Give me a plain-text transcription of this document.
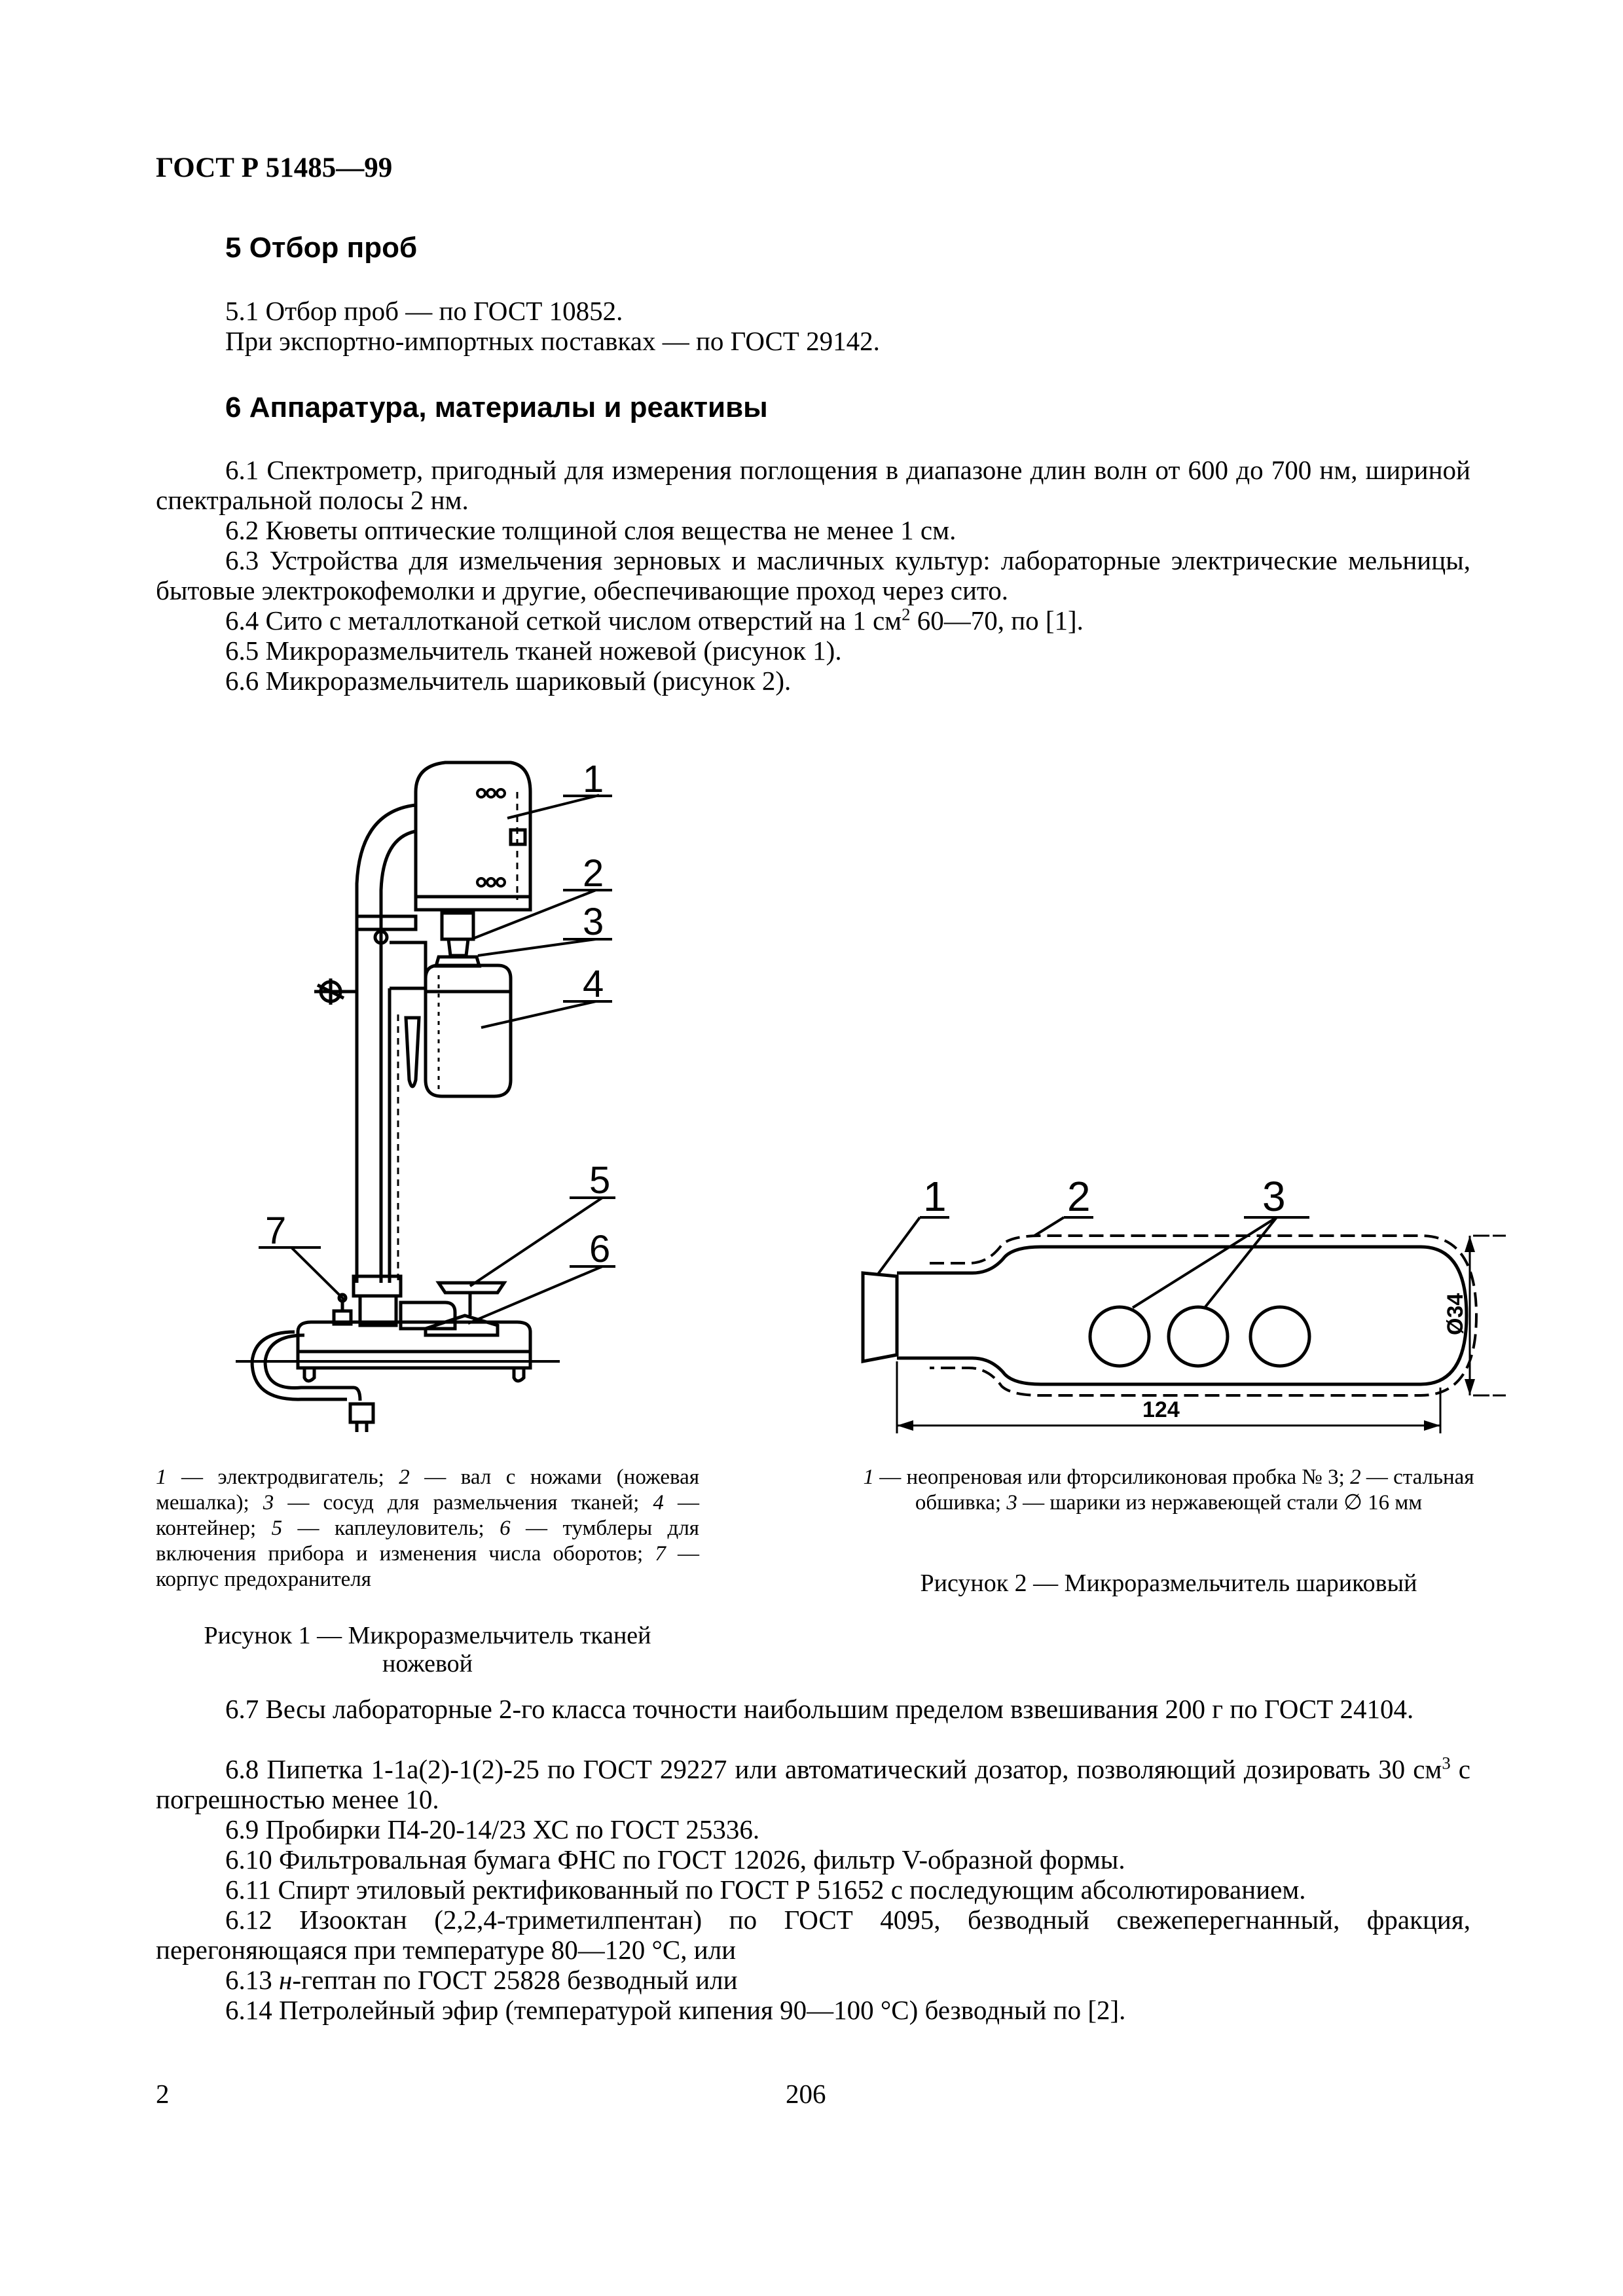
ГОСТ Р 51485—99
5 Отбор проб
5.1 Отбор проб — по ГОСТ 10852.
При экспортно-импортных поставках — по ГОСТ 29142.
6 Аппаратура, материалы и реактивы
6.1 Спектрометр, пригодный для измерения поглощения в диапазоне длин волн от 600 до 700 нм, шириной спектральной полосы 2 нм.
6.2 Кюветы оптические толщиной слоя вещества не менее 1 см.
6.3 Устройства для измельчения зерновых и масличных культур: лабораторные электрические мельницы, бытовые электрокофемолки и другие, обеспечивающие проход через сито.
6.4 Сито с металлотканой сеткой числом отверстий на 1 $см^2$ 60—70, по [1].
6.5 Микроразмельчитель тканей ножевой (рисунок 1).
6.6 Микроразмельчитель шариковый (рисунок 2).
1
2
3
4
5
6
7
1	2	3
124
Ø34
1 — электродвигатель; 2 — вал с ножами (ножевая мешалка); 3 — сосуд для размельчения тканей; 4 — контейнер; 5 — каплеуловитель; 6 — тумблеры для включения прибора и изменения числа оборотов; 7 — корпус предохранителя
Рисунок 1 — Микроразмельчитель тканей
ножевой
1 — неопреновая или фторсиликоновая пробка № 3; 2 — стальная обшивка; 3 — шарики из нержавеющей стали ∅ 16 мм
Рисунок 2 — Микроразмельчитель шариковый
6.7 Весы лабораторные 2-го класса точности наибольшим пределом взвешивания 200 г по ГОСТ 24104.
6.8 Пипетка 1-1а(2)-1(2)-25 по ГОСТ 29227 или автоматический дозатор, позволяющий дозировать 30 $см^3$ с погрешностью менее 10.
6.9 Пробирки П4-20-14/23 ХС по ГОСТ 25336.
6.10 Фильтровальная бумага ФНС по ГОСТ 12026, фильтр V-образной формы.
6.11 Спирт этиловый ректификованный по ГОСТ Р 51652 с последующим абсолютированием.
6.12 Изооктан (2,2,4-триметилпентан) по ГОСТ 4095, безводный свежеперегнанный, фракция, перегоняющаяся при температуре 80—120 °С, или
6.13 н-гептан по ГОСТ 25828 безводный или
6.14 Петролейный эфир (температурой кипения 90—100 °С) безводный по [2].
2	206
